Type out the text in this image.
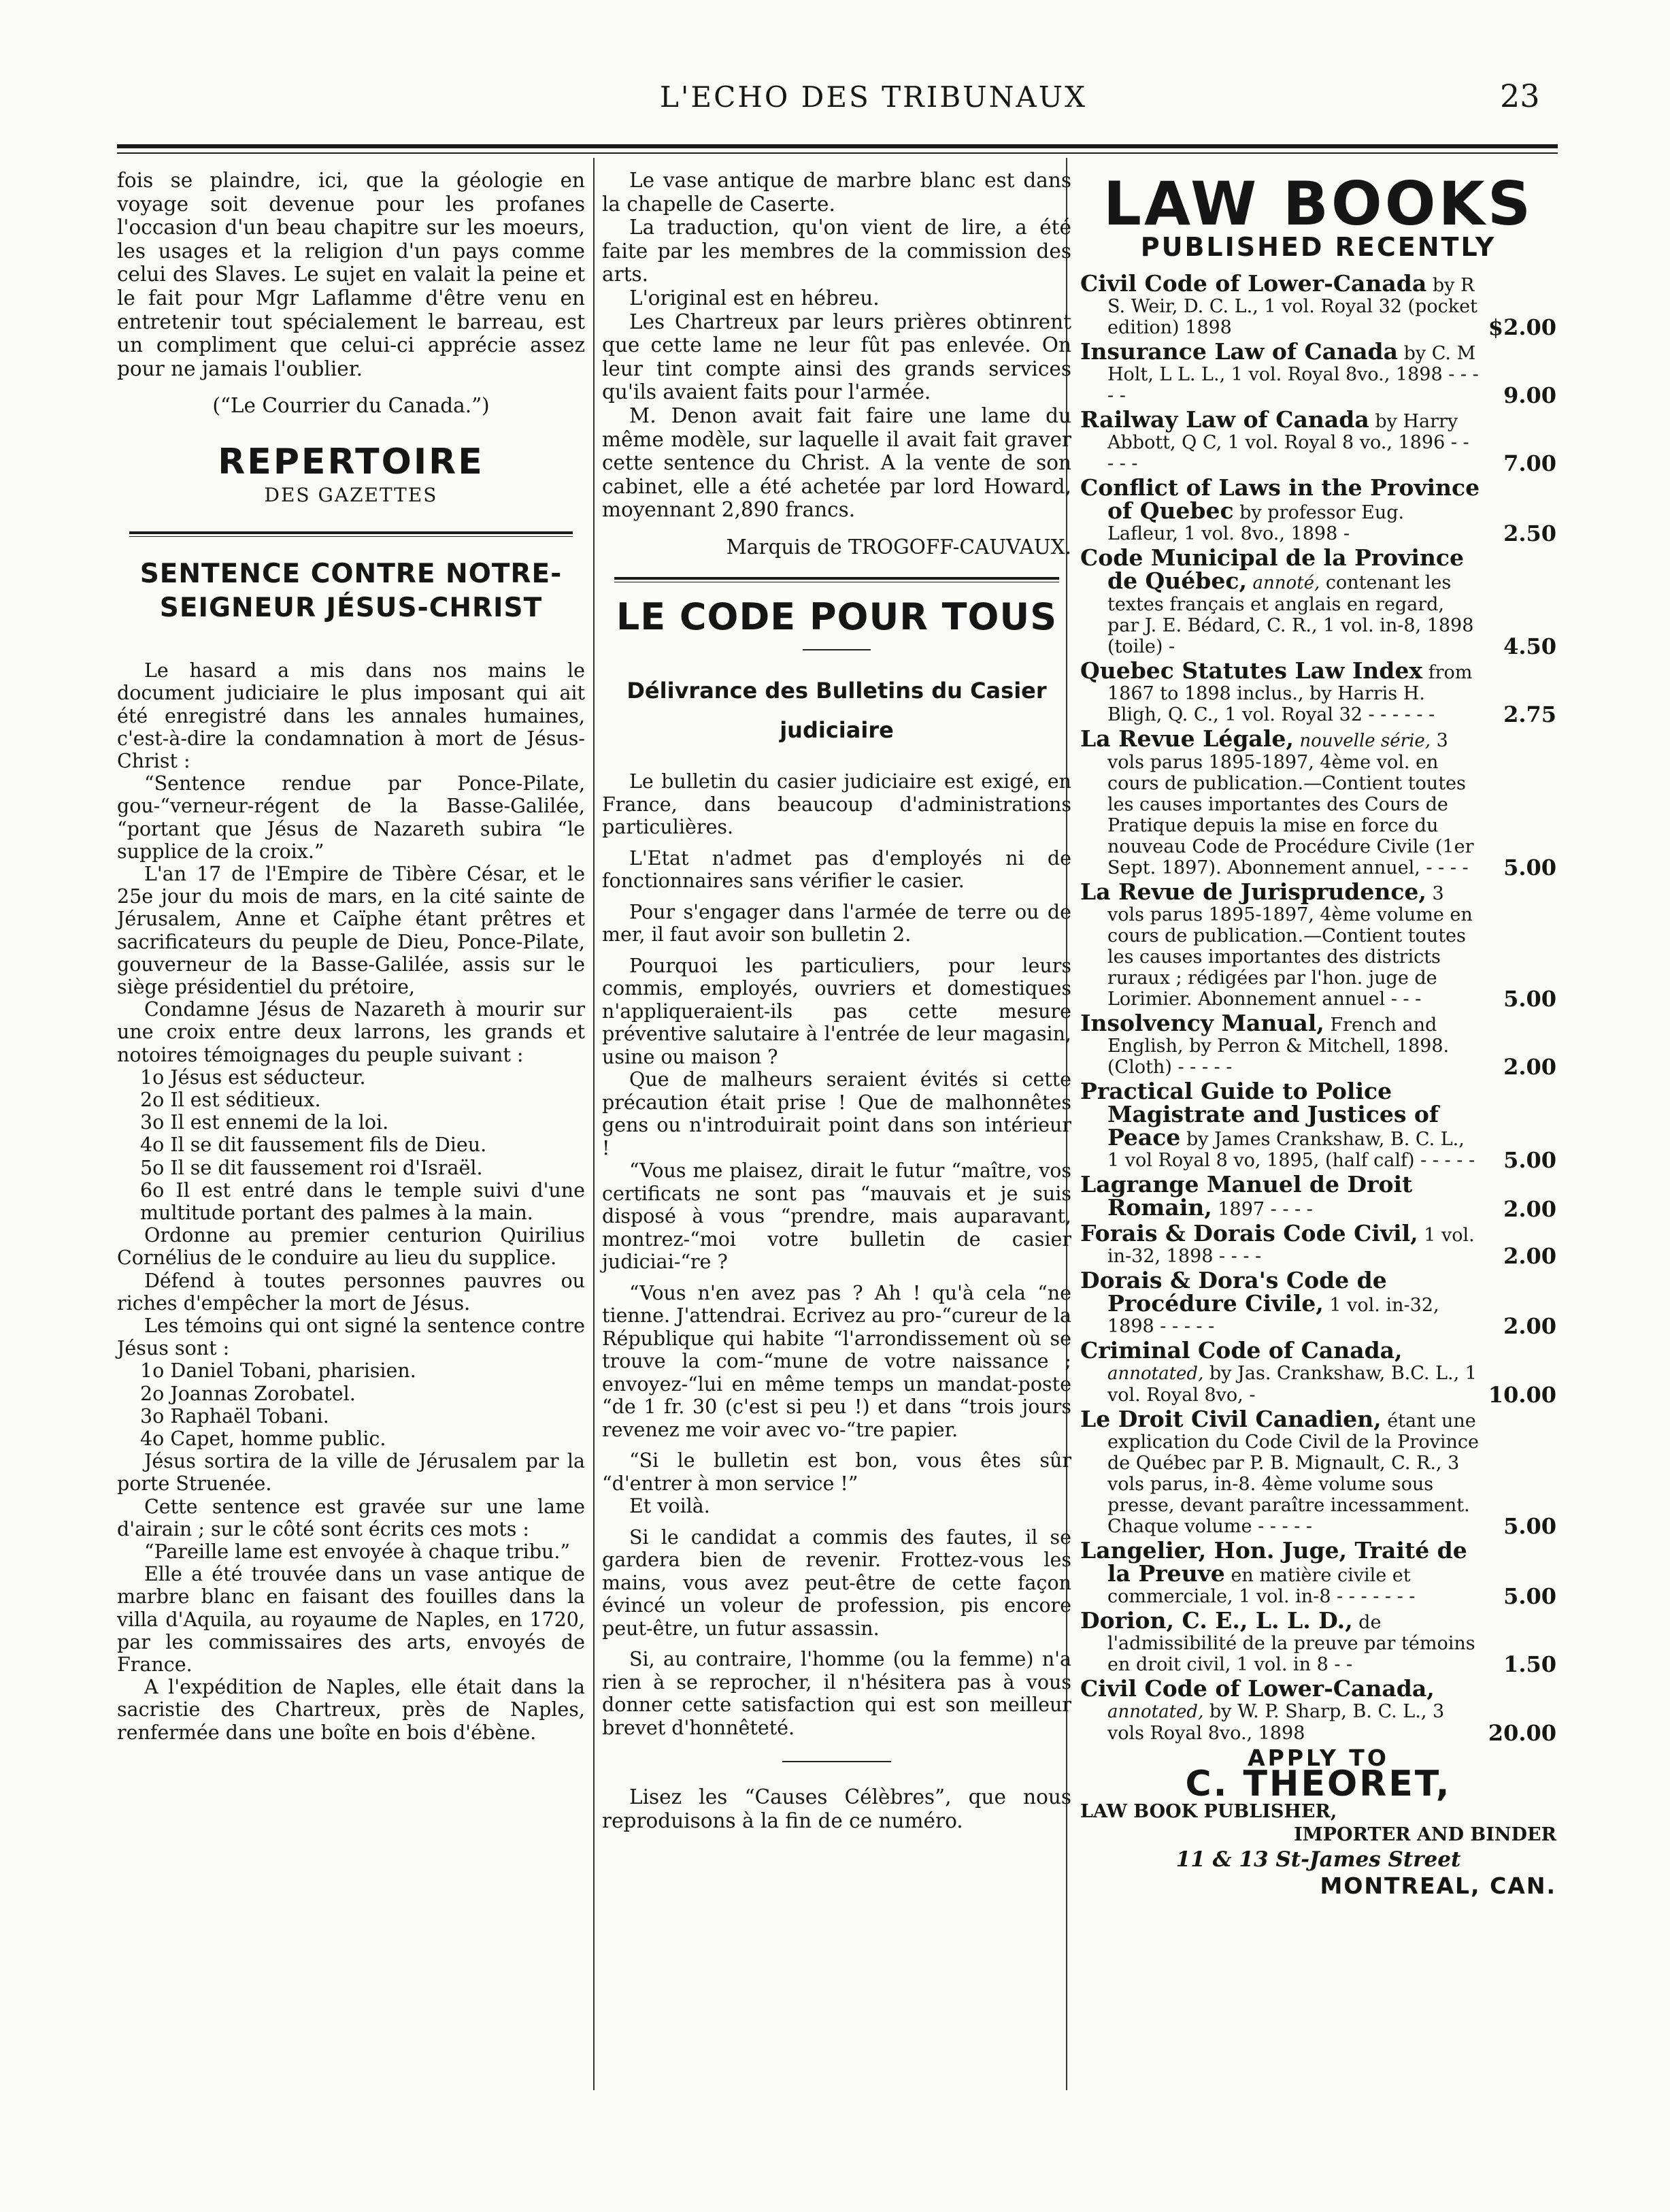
L'ECHO DES TRIBUNAUX	23

fois se plaindre, ici, que la géologie en voyage soit devenue pour les profanes l'occasion d'un beau chapitre sur les moeurs, les usages et la religion d'un pays comme celui des Slaves. Le sujet en valait la peine et le fait pour Mgr Laflamme d'être venu en entretenir tout spécialement le barreau, est un compliment que celui-ci apprécie assez pour ne jamais l'oublier.

(“Le Courrier du Canada.”)

REPERTOIRE
DES GAZETTES
SENTENCE CONTRE NOTRE-SEIGNEUR JÉSUS-CHRIST

Le hasard a mis dans nos mains le document judiciaire le plus imposant qui ait été enregistré dans les annales humaines, c'est-à-dire la condamnation à mort de Jésus-Christ :

“Sentence rendue par Ponce-Pilate, gou-“verneur-régent de la Basse-Galilée, “portant que Jésus de Nazareth subira “le supplice de la croix.”

L'an 17 de l'Empire de Tibère César, et le 25e jour du mois de mars, en la cité sainte de Jérusalem, Anne et Caïphe étant prêtres et sacrificateurs du peuple de Dieu, Ponce-Pilate, gouverneur de la Basse-Galilée, assis sur le siège présidentiel du prétoire,

Condamne Jésus de Nazareth à mourir sur une croix entre deux larrons, les grands et notoires témoignages du peuple suivant :

1o Jésus est séducteur.

2o Il est séditieux.

3o Il est ennemi de la loi.

4o Il se dit faussement fils de Dieu.

5o Il se dit faussement roi d'Israël.

6o Il est entré dans le temple suivi d'une multitude portant des palmes à la main.

Ordonne au premier centurion Quirilius Cornélius de le conduire au lieu du supplice.

Défend à toutes personnes pauvres ou riches d'empêcher la mort de Jésus.

Les témoins qui ont signé la sentence contre Jésus sont :

1o Daniel Tobani, pharisien.

2o Joannas Zorobatel.

3o Raphaël Tobani.

4o Capet, homme public.

Jésus sortira de la ville de Jérusalem par la porte Struenée.

Cette sentence est gravée sur une lame d'airain ; sur le côté sont écrits ces mots :

“Pareille lame est envoyée à chaque tribu.”

Elle a été trouvée dans un vase antique de marbre blanc en faisant des fouilles dans la villa d'Aquila, au royaume de Naples, en 1720, par les commissaires des arts, envoyés de France.

A l'expédition de Naples, elle était dans la sacristie des Chartreux, près de Naples, renfermée dans une boîte en bois d'ébène.

Le vase antique de marbre blanc est dans la chapelle de Caserte.

La traduction, qu'on vient de lire, a été faite par les membres de la commission des arts.

L'original est en hébreu.

Les Chartreux par leurs prières obtinrent que cette lame ne leur fût pas enlevée. On leur tint compte ainsi des grands services qu'ils avaient faits pour l'armée.

M. Denon avait fait faire une lame du même modèle, sur laquelle il avait fait graver cette sentence du Christ. A la vente de son cabinet, elle a été achetée par lord Howard, moyennant 2,890 francs.

Marquis de TROGOFF-CAUVAUX.

LE CODE POUR TOUS
Délivrance des Bulletins du Casier judiciaire

Le bulletin du casier judiciaire est exigé, en France, dans beaucoup d'administrations particulières.

L'Etat n'admet pas d'employés ni de fonctionnaires sans vérifier le casier.

Pour s'engager dans l'armée de terre ou de mer, il faut avoir son bulletin 2.

Pourquoi les particuliers, pour leurs commis, employés, ouvriers et domestiques n'appliqueraient-ils pas cette mesure préventive salutaire à l'entrée de leur magasin, usine ou maison ?

Que de malheurs seraient évités si cette précaution était prise ! Que de malhonnêtes gens ou n'introduirait point dans son intérieur !

“Vous me plaisez, dirait le futur “maître, vos certificats ne sont pas “mauvais et je suis disposé à vous “prendre, mais auparavant, montrez-“moi votre bulletin de casier judiciai-“re ?

“Vous n'en avez pas ? Ah ! qu'à cela “ne tienne. J'attendrai. Ecrivez au pro-“cureur de la République qui habite “l'arrondissement où se trouve la com-“mune de votre naissance ; envoyez-“lui en même temps un mandat-poste “de 1 fr. 30 (c'est si peu !) et dans “trois jours revenez me voir avec vo-“tre papier.

“Si le bulletin est bon, vous êtes sûr “d'entrer à mon service !”

Et voilà.

Si le candidat a commis des fautes, il se gardera bien de revenir. Frottez-vous les mains, vous avez peut-être de cette façon évincé un voleur de profession, pis encore peut-être, un futur assassin.

Si, au contraire, l'homme (ou la femme) n'a rien à se reprocher, il n'hésitera pas à vous donner cette satisfaction qui est son meilleur brevet d'honnêteté.

Lisez les “Causes Célèbres”, que nous reproduisons à la fin de ce numéro.

LAW BOOKS
PUBLISHED RECENTLY
Civil Code of Lower-Canada by R S. Weir, D. C. L., 1 vol. Royal 32 (pocket edition) 1898	$2.00
Insurance Law of Canada by C. M Holt, L L. L., 1 vol. Royal 8vo., 1898 - - - - -	9.00
Railway Law of Canada by Harry Abbott, Q C, 1 vol. Royal 8 vo., 1896 - - - - -	7.00
Conflict of Laws in the Province of Quebec by professor Eug. Lafleur, 1 vol. 8vo., 1898 -	2.50
Code Municipal de la Province de Québec, annoté, contenant les textes français et anglais en regard, par J. E. Bédard, C. R., 1 vol. in-8, 1898 (toile) -	4.50
Quebec Statutes Law Index from 1867 to 1898 inclus., by Harris H. Bligh, Q. C., 1 vol. Royal 32 - - - - - -	2.75
La Revue Légale, nouvelle série, 3 vols parus 1895-1897, 4ème vol. en cours de publication.—Contient toutes les causes importantes des Cours de Pratique depuis la mise en force du nouveau Code de Procédure Civile (1er Sept. 1897). Abonnement annuel, - - - -	5.00
La Revue de Jurisprudence, 3 vols parus 1895-1897, 4ème volume en cours de publication.—Contient toutes les causes importantes des districts ruraux ; rédigées par l'hon. juge de Lorimier. Abonnement annuel - - -	5.00
Insolvency Manual, French and English, by Perron & Mitchell, 1898. (Cloth) - - - - -	2.00
Practical Guide to Police Magistrate and Justices of Peace by James Crankshaw, B. C. L., 1 vol Royal 8 vo, 1895, (half calf) - - - - -	5.00
Lagrange Manuel de Droit Romain, 1897 - - - -	2.00
Forais & Dorais Code Civil, 1 vol. in-32, 1898 - - - -	2.00
Dorais & Dora's Code de Procédure Civile, 1 vol. in-32, 1898 - - - - -	2.00
Criminal Code of Canada, annotated, by Jas. Crankshaw, B.C. L., 1 vol. Royal 8vo, -	10.00
Le Droit Civil Canadien, étant une explication du Code Civil de la Province de Québec par P. B. Mignault, C. R., 3 vols parus, in-8. 4ème volume sous presse, devant paraître incessamment. Chaque volume - - - - -	5.00
Langelier, Hon. Juge, Traité de la Preuve en matière civile et commerciale, 1 vol. in-8 - - - - - - -	5.00
Dorion, C. E., L. L. D., de l'admissibilité de la preuve par témoins en droit civil, 1 vol. in 8 - -	1.50
Civil Code of Lower-Canada, annotated, by W. P. Sharp, B. C. L., 3 vols Royal 8vo., 1898	20.00
APPLY TO
C. THEORET,
LAW BOOK PUBLISHER,
IMPORTER AND BINDER
11 & 13 St-James Street
MONTREAL, CAN.
